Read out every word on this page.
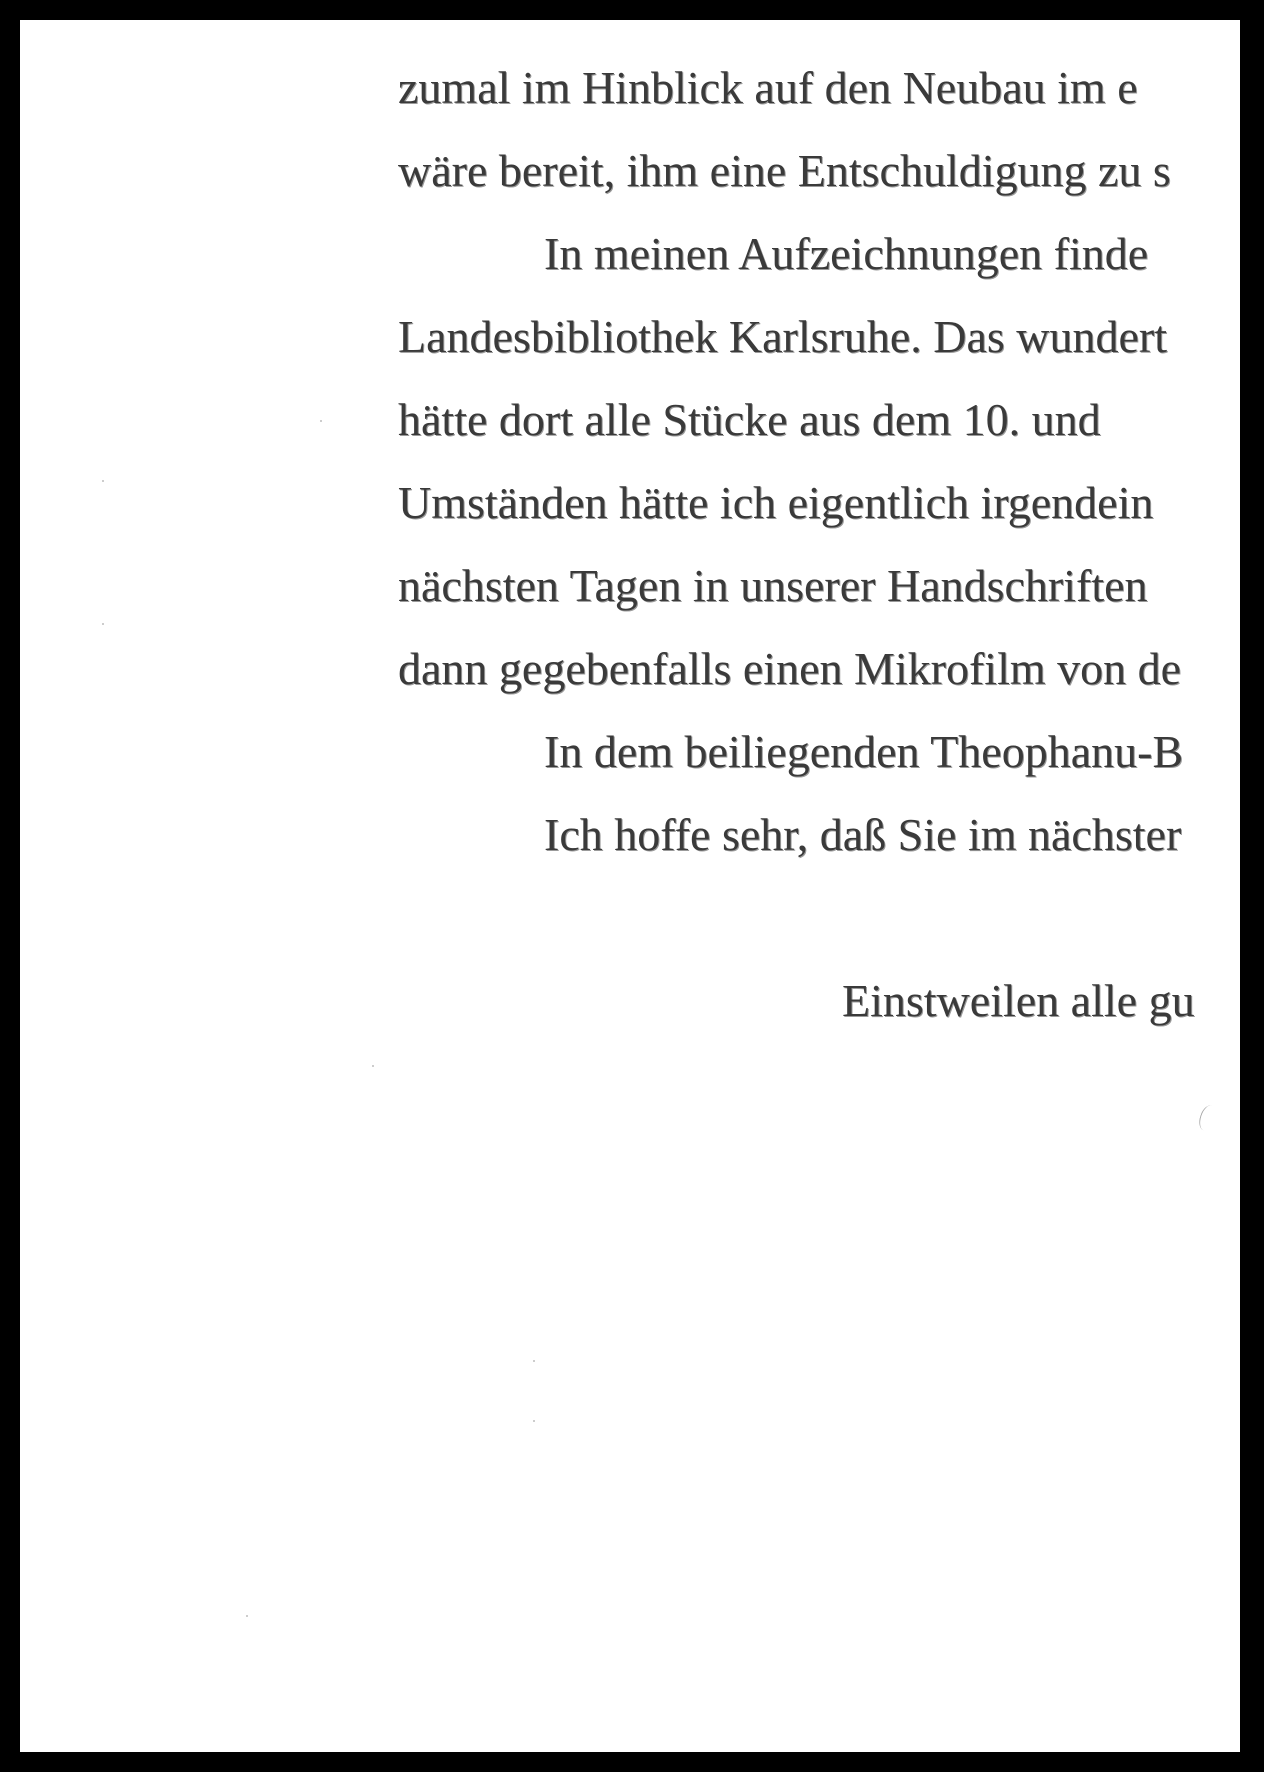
zumal im Hinblick auf den Neubau im e

wäre bereit, ihm eine Entschuldigung zu s

In meinen Aufzeichnungen finde

Landesbibliothek Karlsruhe. Das wundert

hätte dort alle Stücke aus dem 10. und

Umständen hätte ich eigentlich irgendein

nächsten Tagen in unserer Handschriften

dann gegebenfalls einen Mikrofilm von de

In dem beiliegenden Theophanu-B

Ich hoffe sehr, daß Sie im nächster

Einstweilen alle gu
